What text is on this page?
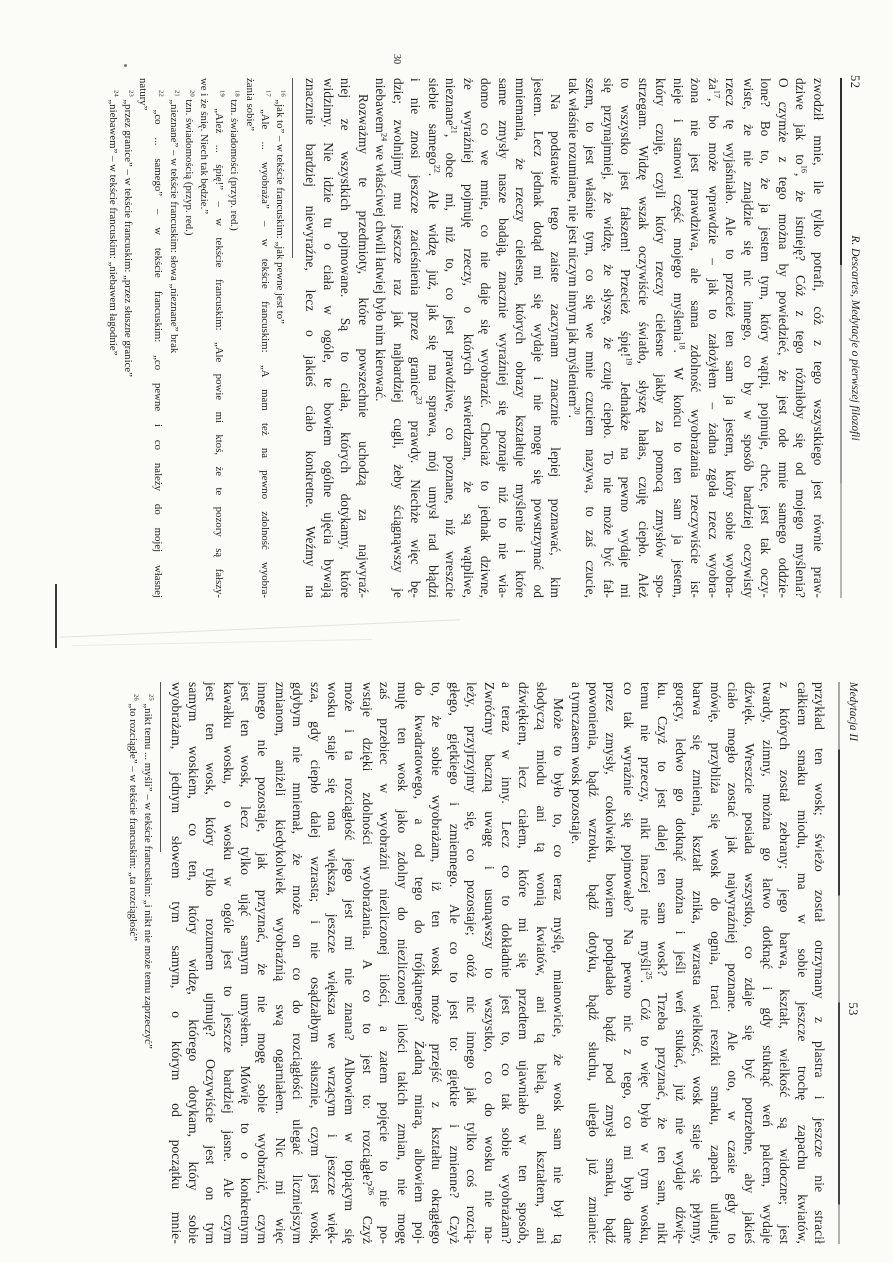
52
R. Descartes, Medytacje o pierwszej filozofii
zwodził mnie, ile tylko potrafi, cóż z tego wszystkiego jest równie praw-
dziwe jak $to^{16}$, że istnieję? Cóż z tego różniłoby się od mojego myślenia?
O czymże z tego można by powiedzieć, że jest ode mnie samego oddzie-
lone? Bo to, że ja jestem tym, który wątpi, pojmuje, chce, jest tak oczy-
wiste, że nie znajdzie się nic innego, co by w sposób bardziej oczywisty
rzecz tę wyjaśniało. Ale to przecież ten sam ja jestem, który sobie wyobra-
$ża^{17}$, bo może wprawdzie – jak to założyłem – żadna zgoła rzecz wyobra-
żona nie jest prawdziwa, ale sama zdolność wyobrażania rzeczywiście ist-
nieje i stanowi część mojego myślenia$^{18}$. W końcu to ten sam ja jestem,
który czuję, czyli który rzeczy cielesne jakby za pomocą zmysłów spo-
strzegam. Widzę wszak oczywiście światło, słyszę hałas, czuję ciepło. Ależ
to wszystko jest fałszem! Przecież śpię!$^{19}$ Jednakże na pewno wydaje mi
się przynajmniej, że widzę, że słyszę, że czuję ciepło. To nie może być fał-
szem, to jest właśnie tym, co się we mnie czuciem nazywa, to zaś czucie,
tak właśnie rozumiane, nie jest niczym innym jak myśleniem$^{20}$.
Na podstawie tego zaiste zaczynam znacznie lepiej poznawać, kim
jestem. Lecz jednak dotąd mi się wydaje i nie mogę się powstrzymać od
mniemania, że rzeczy cielesne, których obrazy kształtuje myślenie i które
same zmysły nasze badają, znacznie wyraźniej się poznaje niż to nie wia-
domo co we mnie, co nie daje się wyobrazić. Chociaż to jednak dziwne,
że wyraźniej pojmuję rzeczy, o których stwierdzam, że są wątpliwe,
nieznane$^{21}$, obce mi, niż to, co jest prawdziwe, co poznane, niż wreszcie
siebie samego$^{22}$. Ale widzę już, jak się ma sprawa, mój umysł rad błądzi
i nie znosi jeszcze zacieśnienia przez granice$^{23}$ prawdy. Niechże więc bę-
dzie; zwolnijmy mu jeszcze raz jak najbardziej cugli, żeby ściągnąwszy je
30
niebawem$^{24}$ we właściwej chwili łatwiej było nim kierować.
Rozważmy te przedmioty, które powszechnie uchodzą za najwyraź-
niej ze wszystkich pojmowane. Są to ciała, których dotykamy, które
widzimy. Nie idzie tu o ciała w ogóle, te bowiem ogólne ujęcia bywają
znacznie bardziej niewyraźne, lecz o jakieś ciało konkretne. Weźmy na
$^{16}$ „jak to” – w tekście francuskim: „jak pewne jest to”
$^{17}$ „Ale ... wyobraża” – w tekście francuskim: „A mam też na pewno zdolność wyobra-
żania sobie”
$^{18}$ tzn. świadomości (przyp. red.)
$^{19}$ „Ależ ... śpię!” – w tekście francuskim: „Ale powie mi ktoś, że te pozory są fałszy-
we i że śnię. Niech tak będzie.”
$^{20}$ tzn. świadomością (przyp. red.)
$^{21}$ „nieznane” – w tekście francuskim: słowa „nieznane” brak
$^{22}$ „co ... samego” – w tekście francuskim: „co pewne i co należy do mojej własnej
natury”
$^{23}$ „przez granice” – w tekście francuskim: „przez słuszne granice”
$^{24}$ „niebawem” – w tekście francuskim: „niebawem łagodnie”
Medytacja II
53
przykład ten wosk; świeżo został otrzymany z plastra i jeszcze nie stracił
całkiem smaku miodu, ma w sobie jeszcze trochę zapachu kwiatów,
z których został zebrany; jego barwa, kształt, wielkość są widoczne; jest
twardy, zimny, można go łatwo dotknąć i gdy stuknąć weń palcem, wydaje
dźwięk. Wreszcie posiada wszystko, co zdaje się być potrzebne, aby jakieś
ciało mogło zostać jak najwyraźniej poznane. Ale oto, w czasie gdy to
mówię, przybliża się wosk do ognia, traci resztki smaku, zapach ulatuje,
barwa się zmienia, kształt znika, wzrasta wielkość, wosk staje się płynny,
gorący, ledwo go dotknąć można i jeśli weń stukać, już nie wydaje dźwię-
ku. Czyż to jest dalej ten sam wosk? Trzeba przyznać, że ten sam, nikt
temu nie przeczy, nikt inaczej nie myśli$^{25}$. Cóż to więc było w tym wosku,
co tak wyraźnie się pojmowało? Na pewno nic z tego, co mi było dane
przez zmysły, cokolwiek bowiem podpadało bądź pod zmysł smaku, bądź
powonienia, bądź wzroku, bądź dotyku, bądź słuchu, uległo już zmianie:
a tymczasem wosk pozostaje.
Może to było to, co teraz myślę, mianowicie, że wosk sam nie był tą
słodyczą miodu ani tą wonią kwiatów, ani tą bielą, ani kształtem, ani
dźwiękiem, lecz ciałem, które mi się przedtem ujawniało w ten sposób,
a teraz w inny. Lecz co to dokładnie jest to, co tak sobie wyobrażam?
Zwróćmy baczną uwagę i usunąwszy to wszystko, co do wosku nie na-
leży, przyjrzyjmy się, co pozostaje; otóż nic innego jak tylko coś rozcią-
głego, giętkiego i zmiennego. Ale co to jest to: giętkie i zmienne? Czyż
to, że sobie wyobrażam, iż ten wosk może przejść z kształtu okrągłego
do kwadratowego, a od tego do trójkątnego? Żadną miarą, albowiem poj-
muję ten wosk jako zdolny do niezliczonej ilości takich zmian, nie mogę
zaś przebiec w wyobraźni niezliczonej ilości, a zatem pojęcie to nie po-
wstaje dzięki zdolności wyobrażania. A co to jest to: rozciągłe?$^{26}$ Czyż
może i ta rozciągłość jego jest mi nie znana? Albowiem w topiącym się
wosku staje się ona większa, jeszcze większa we wrzącym i jeszcze więk-
sza, gdy ciepło dalej wzrasta; i nie osądzałbym słusznie, czym jest wosk,
gdybym nie mniemał, że może on co do rozciągłości ulegać liczniejszym
zmianom, aniżeli kiedykolwiek wyobraźnią swą ogarniałem. Nic mi więc
innego nie pozostaje, jak przyznać, że nie mogę sobie wyobrazić, czym
jest ten wosk, lecz tylko ująć samym umysłem. Mówię to o konkretnym
kawałku wosku, o wosku w ogóle jest to jeszcze bardziej jasne. Ale czym
jest ten wosk, który tylko rozumem ujmuję? Oczywiście jest on tym
samym woskiem, co ten, który widzę, którego dotykam, który sobie
wyobrażam, jednym słowem tym samym, o którym od początku mnie-
$^{25}$ „nikt temu ... myśli” – w tekście francuskim: „i nikt nie może temu zaprzeczyć”
$^{26}$ „to rozciągłe” – w tekście francuskim: „ta rozciągłość”
